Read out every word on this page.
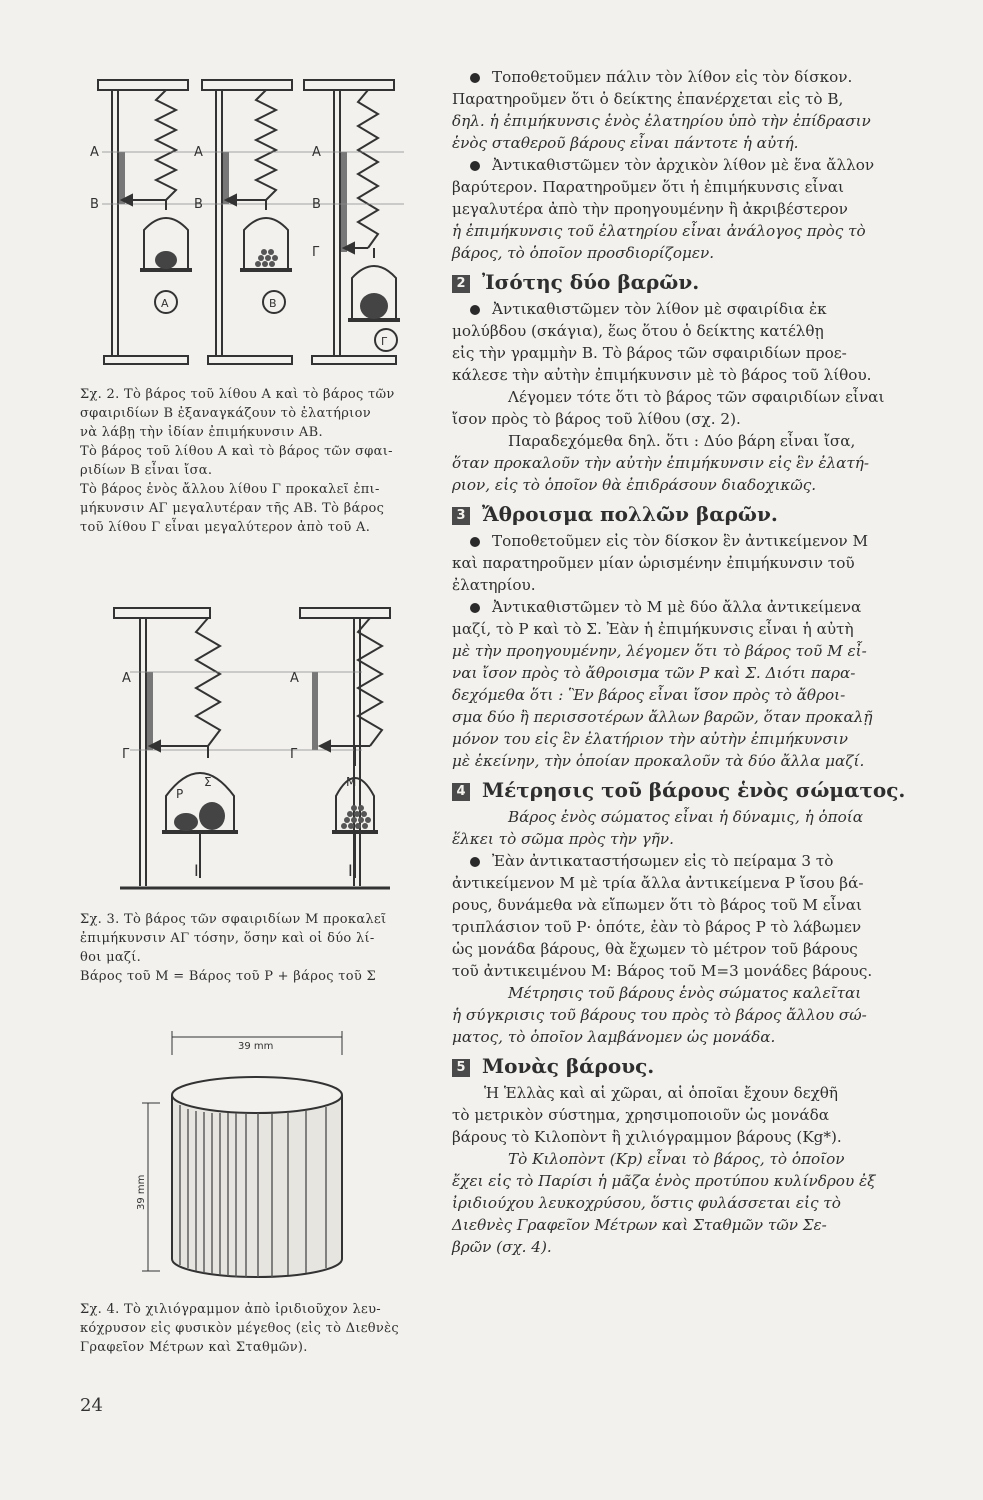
A
B
A
B
A
B
Γ
A	B
Γ

Σχ. 2. Τὸ βάρος τοῦ λίθου Α καὶ τὸ βάρος τῶν

σφαιριδίων Β ἐξαναγκάζουν τὸ ἐλατήριον

νὰ λάβῃ τὴν ἰδίαν ἐπιμήκυνσιν ΑΒ.

Τὸ βάρος τοῦ λίθου Α καὶ τὸ βάρος τῶν σφαι-

ριδίων Β εἶναι ἴσα.

Τὸ βάρος ἑνὸς ἄλλου λίθου Γ προκαλεῖ ἐπι-

μήκυνσιν ΑΓ μεγαλυτέραν τῆς ΑΒ. Τὸ βάρος

τοῦ λίθου Γ εἶναι μεγαλύτερον ἀπὸ τοῦ Α.

A
Γ
A
Γ
P
Σ	M
I	II

Σχ. 3. Τὸ βάρος τῶν σφαιριδίων Μ προκαλεῖ

ἐπιμήκυνσιν ΑΓ τόσην, ὅσην καὶ οἱ δύο λί-

θοι μαζί.

Βάρος τοῦ Μ = Βάρος τοῦ Ρ + βάρος τοῦ Σ

39 mm
39 mm

Σχ. 4. Τὸ χιλιόγραμμον ἀπὸ ἰριδιοῦχον λευ-

κόχρυσον εἰς φυσικὸν μέγεθος (εἰς τὸ Διεθνὲς

Γραφεῖον Μέτρων καὶ Σταθμῶν).

24

Τοποθετοῦμεν πάλιν τὸν λίθον εἰς τὸν δίσκον.

Παρατηροῦμεν ὅτι ὁ δείκτης ἐπανέρχεται εἰς τὸ Β,

δηλ. ἡ ἐπιμήκυνσις ἑνὸς ἐλατηρίου ὑπὸ τὴν ἐπίδρασιν

ἑνὸς σταθεροῦ βάρους εἶναι πάντοτε ἡ αὐτή.

Ἀντικαθιστῶμεν τὸν ἀρχικὸν λίθον μὲ ἕνα ἄλλον

βαρύτερον. Παρατηροῦμεν ὅτι ἡ ἐπιμήκυνσις εἶναι

μεγαλυτέρα ἀπὸ τὴν προηγουμένην ἢ ἀκριβέστερον

ἡ ἐπιμήκυνσις τοῦ ἐλατηρίου εἶναι ἀνάλογος πρὸς τὸ

βάρος, τὸ ὁποῖον προσδιορίζομεν.

2 Ἰσότης δύο βαρῶν.

Ἀντικαθιστῶμεν τὸν λίθον μὲ σφαιρίδια ἐκ

μολύβδου (σκάγια), ἕως ὅτου ὁ δείκτης κατέλθῃ

εἰς τὴν γραμμὴν Β. Τὸ βάρος τῶν σφαιριδίων προε-

κάλεσε τὴν αὐτὴν ἐπιμήκυνσιν μὲ τὸ βάρος τοῦ λίθου.

Λέγομεν τότε ὅτι τὸ βάρος τῶν σφαιριδίων εἶναι

ἴσον πρὸς τὸ βάρος τοῦ λίθου (σχ. 2).

Παραδεχόμεθα δηλ. ὅτι : Δύο βάρη εἶναι ἴσα,

ὅταν προκαλοῦν τὴν αὐτὴν ἐπιμήκυνσιν εἰς ἓν ἐλατή-

ριον, εἰς τὸ ὁποῖον θὰ ἐπιδράσουν διαδοχικῶς.

3 Ἄθροισμα πολλῶν βαρῶν.

Τοποθετοῦμεν εἰς τὸν δίσκον ἓν ἀντικείμενον Μ

καὶ παρατηροῦμεν μίαν ὡρισμένην ἐπιμήκυνσιν τοῦ

ἐλατηρίου.

Ἀντικαθιστῶμεν τὸ Μ μὲ δύο ἄλλα ἀντικείμενα

μαζί, τὸ Ρ καὶ τὸ Σ. Ἐὰν ἡ ἐπιμήκυνσις εἶναι ἡ αὐτὴ

μὲ τὴν προηγουμένην, λέγομεν ὅτι τὸ βάρος τοῦ Μ εἶ-

ναι ἴσον πρὸς τὸ ἄθροισμα τῶν Ρ καὶ Σ. Διότι παρα-

δεχόμεθα ὅτι : Ἓν βάρος εἶναι ἴσον πρὸς τὸ ἄθροι-

σμα δύο ἢ περισσοτέρων ἄλλων βαρῶν, ὅταν προκαλῇ

μόνον του εἰς ἓν ἐλατήριον τὴν αὐτὴν ἐπιμήκυνσιν

μὲ ἐκείνην, τὴν ὁποίαν προκαλοῦν τὰ δύο ἄλλα μαζί.

4 Μέτρησις τοῦ βάρους ἑνὸς σώματος.

Βάρος ἑνὸς σώματος εἶναι ἡ δύναμις, ἡ ὁποία

ἕλκει τὸ σῶμα πρὸς τὴν γῆν.

Ἐὰν ἀντικαταστήσωμεν εἰς τὸ πείραμα 3 τὸ

ἀντικείμενον Μ μὲ τρία ἄλλα ἀντικείμενα Ρ ἴσου βά-

ρους, δυνάμεθα νὰ εἴπωμεν ὅτι τὸ βάρος τοῦ Μ εἶναι

τριπλάσιον τοῦ Ρ· ὁπότε, ἐὰν τὸ βάρος Ρ τὸ λάβωμεν

ὡς μονάδα βάρους, θὰ ἔχωμεν τὸ μέτρον τοῦ βάρους

τοῦ ἀντικειμένου Μ: Βάρος τοῦ Μ=3 μονάδες βάρους.

Μέτρησις τοῦ βάρους ἑνὸς σώματος καλεῖται

ἡ σύγκρισις τοῦ βάρους του πρὸς τὸ βάρος ἄλλου σώ-

ματος, τὸ ὁποῖον λαμβάνομεν ὡς μονάδα.

5 Μονὰς βάρους.

Ἡ Ἑλλὰς καὶ αἱ χῶραι, αἱ ὁποῖαι ἔχουν δεχθῆ

τὸ μετρικὸν σύστημα, χρησιμοποιοῦν ὡς μονάδα

βάρους τὸ Κιλοπὸντ ἢ χιλιόγραμμον βάρους (Kg*).

Τὸ Κιλοπὸντ (Kp) εἶναι τὸ βάρος, τὸ ὁποῖον

ἔχει εἰς τὸ Παρίσι ἡ μᾶζα ἑνὸς προτύπου κυλίνδρου ἐξ

ἰριδιούχου λευκοχρύσου, ὅστις φυλάσσεται εἰς τὸ

Διεθνὲς Γραφεῖον Μέτρων καὶ Σταθμῶν τῶν Σε-

βρῶν (σχ. 4).
